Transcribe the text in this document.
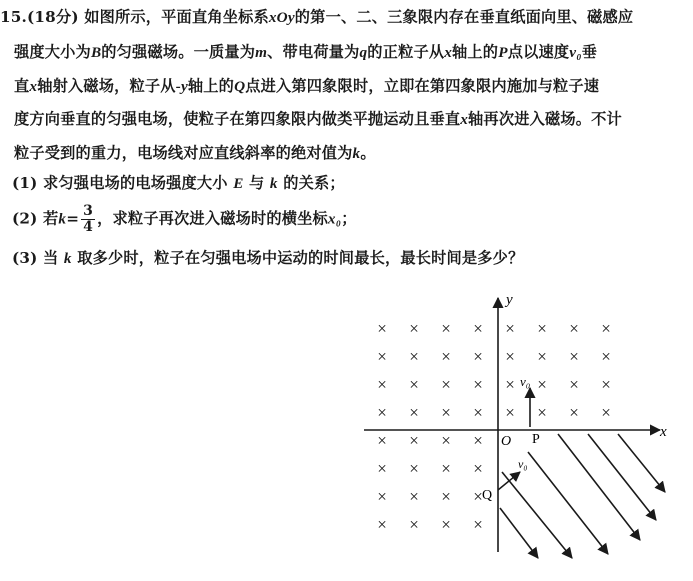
15.(18分) 如图所示，平面直角坐标系xOy的第一、二、三象限内存在垂直纸面向里、磁感应
强度大小为B的匀强磁场。一质量为m、带电荷量为q的正粒子从x轴上的P点以速度v₀垂
直x轴射入磁场，粒子从-y轴上的Q点进入第四象限时，立即在第四象限内施加与粒子速
度方向垂直的匀强电场，使粒子在第四象限内做类平抛运动且垂直x轴再次进入磁场。不计
粒子受到的重力，电场线对应直线斜率的绝对值为k。
(1) 求匀强电场的电场强度大小 E 与 k 的关系；
(2) 若$k= \frac{3}{4}$ ，求粒子再次进入磁场时的横坐标x₀；
(3) 当 k 取多少时，粒子在匀强电场中运动的时间最长，最长时间是多少？
× × × × × × × ×
× × × × × × × ×
× × × × × × × ×
× × × × × × × ×
× × × ×
× × × ×
× × × ×
× × × ×
y
x
O P
Q
v₀
v₀
